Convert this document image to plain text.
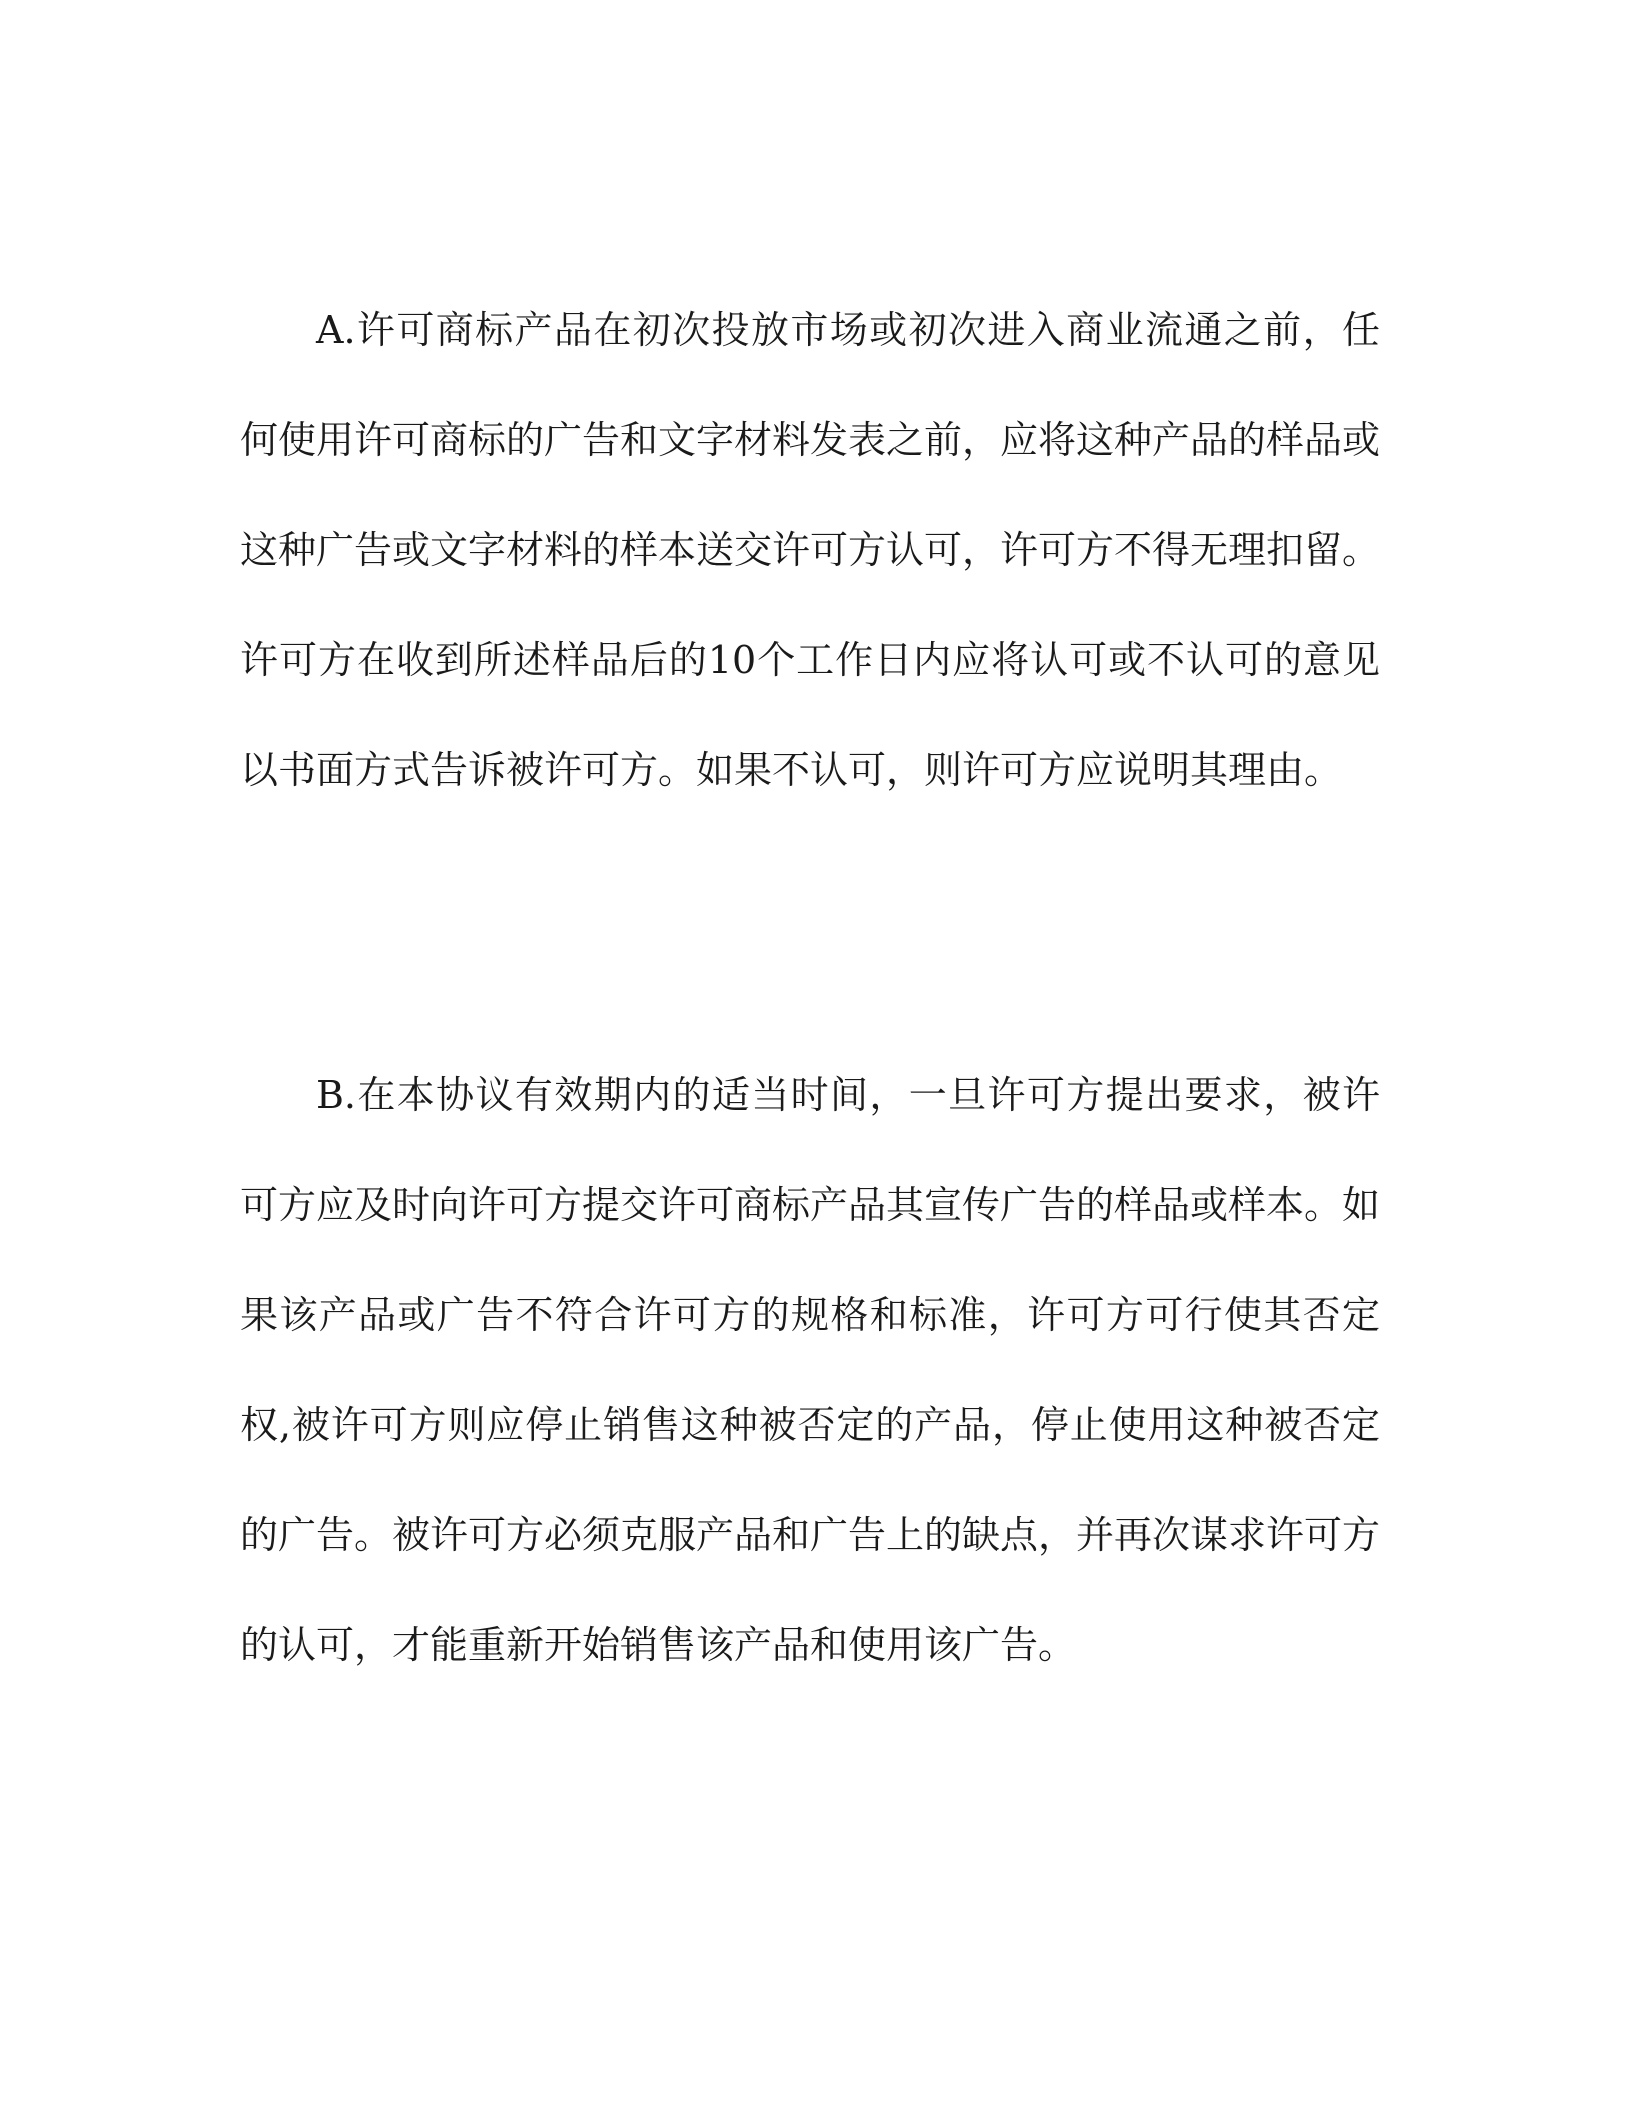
A.许可商标产品在初次投放市场或初次进入商业流通之前，任何使用许可商标的广告和文字材料发表之前，应将这种产品的样品或这种广告或文字材料的样本送交许可方认可，许可方不得无理扣留。许可方在收到所述样品后的10个工作日内应将认可或不认可的意见以书面方式告诉被许可方。如果不认可，则许可方应说明其理由。

B.在本协议有效期内的适当时间，一旦许可方提出要求，被许可方应及时向许可方提交许可商标产品其宣传广告的样品或样本。如果该产品或广告不符合许可方的规格和标准，许可方可行使其否定权,被许可方则应停止销售这种被否定的产品，停止使用这种被否定的广告。被许可方必须克服产品和广告上的缺点，并再次谋求许可方的认可，才能重新开始销售该产品和使用该广告。
